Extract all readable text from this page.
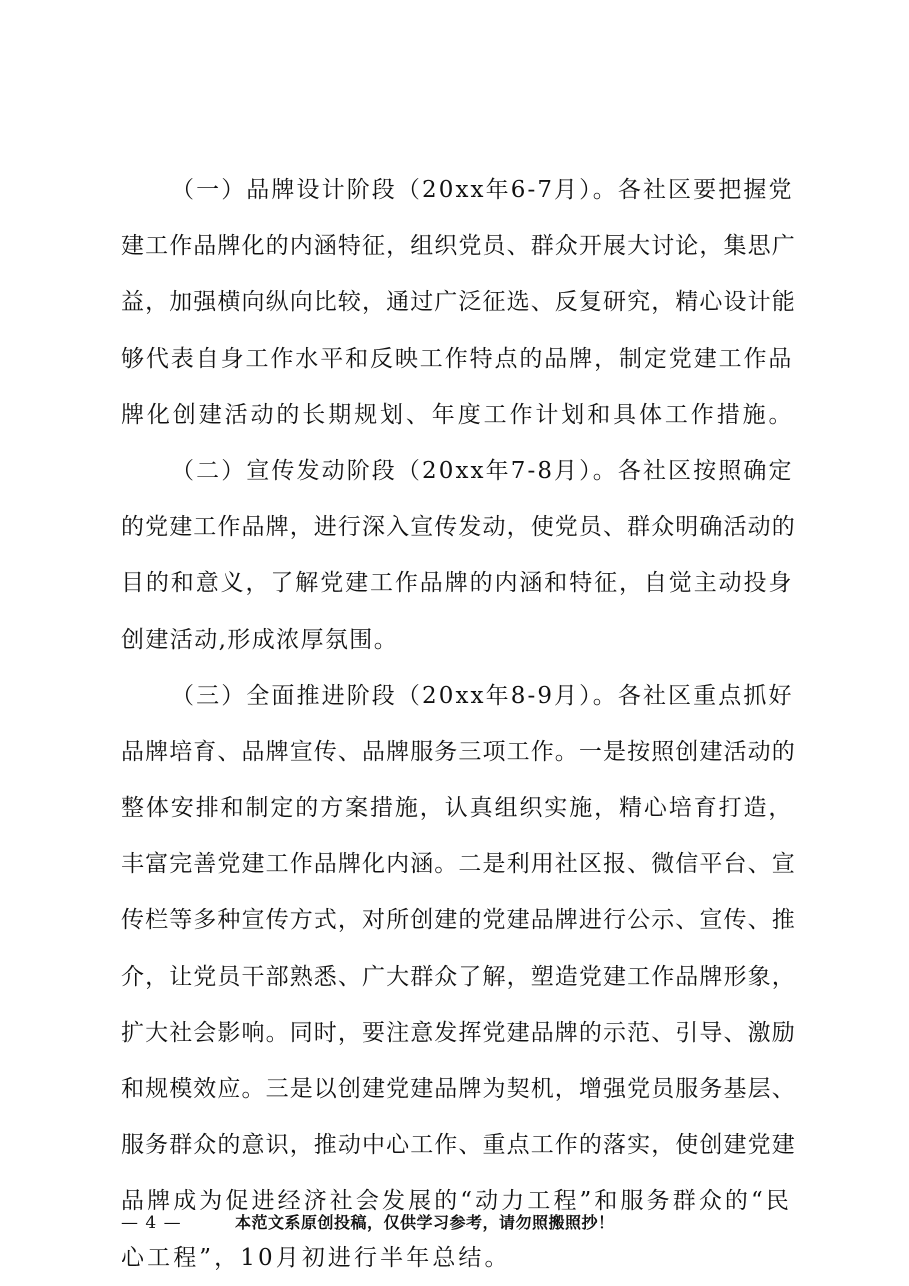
（一）品牌设计阶段（20xx年6-7月）。各社区要把握党
建工作品牌化的内涵特征，组织党员、群众开展大讨论，集思广
益，加强横向纵向比较，通过广泛征选、反复研究，精心设计能
够代表自身工作水平和反映工作特点的品牌，制定党建工作品
牌化创建活动的长期规划、年度工作计划和具体工作措施。
（二）宣传发动阶段（20xx年7-8月）。各社区按照确定
的党建工作品牌，进行深入宣传发动，使党员、群众明确活动的
目的和意义，了解党建工作品牌的内涵和特征，自觉主动投身
创建活动,形成浓厚氛围。
（三）全面推进阶段（20xx年8-9月）。各社区重点抓好
品牌培育、品牌宣传、品牌服务三项工作。一是按照创建活动的
整体安排和制定的方案措施，认真组织实施，精心培育打造，
丰富完善党建工作品牌化内涵。二是利用社区报、微信平台、宣
传栏等多种宣传方式，对所创建的党建品牌进行公示、宣传、推
介，让党员干部熟悉、广大群众了解，塑造党建工作品牌形象，
扩大社会影响。同时，要注意发挥党建品牌的示范、引导、激励
和规模效应。三是以创建党建品牌为契机，增强党员服务基层、
服务群众的意识，推动中心工作、重点工作的落实，使创建党建
品牌成为促进经济社会发展的“动力工程”和服务群众的“民
心工程”，10月初进行半年总结。
— 4 —	本范文系原创投稿，仅供学习参考，请勿照搬照抄！
